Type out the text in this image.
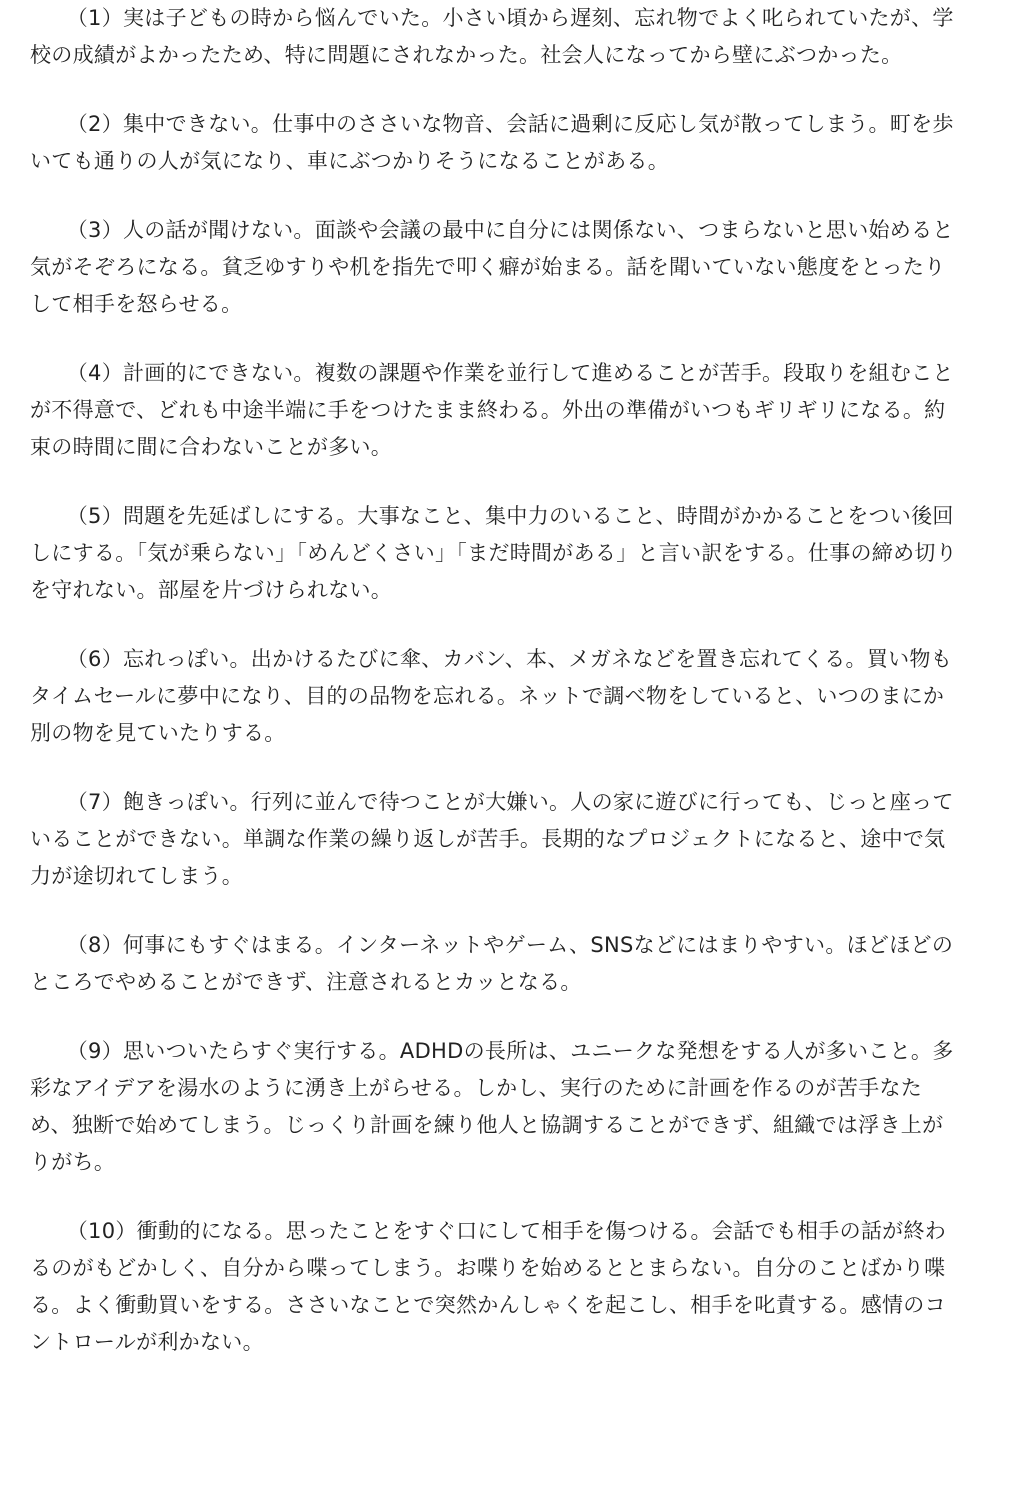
（1）実は子どもの時から悩んでいた。小さい頃から遅刻、忘れ物でよく叱られていたが、学校の成績がよかったため、特に問題にされなかった。社会人になってから壁にぶつかった。

（2）集中できない。仕事中のささいな物音、会話に過剰に反応し気が散ってしまう。町を歩いても通りの人が気になり、車にぶつかりそうになることがある。

（3）人の話が聞けない。面談や会議の最中に自分には関係ない、つまらないと思い始めると気がそぞろになる。貧乏ゆすりや机を指先で叩く癖が始まる。話を聞いていない態度をとったりして相手を怒らせる。

（4）計画的にできない。複数の課題や作業を並行して進めることが苦手。段取りを組むことが不得意で、どれも中途半端に手をつけたまま終わる。外出の準備がいつもギリギリになる。約束の時間に間に合わないことが多い。

（5）問題を先延ばしにする。大事なこと、集中力のいること、時間がかかることをつい後回しにする。「気が乗らない」「めんどくさい」「まだ時間がある」と言い訳をする。仕事の締め切りを守れない。部屋を片づけられない。

（6）忘れっぽい。出かけるたびに傘、カバン、本、メガネなどを置き忘れてくる。買い物もタイムセールに夢中になり、目的の品物を忘れる。ネットで調べ物をしていると、いつのまにか別の物を見ていたりする。

（7）飽きっぽい。行列に並んで待つことが大嫌い。人の家に遊びに行っても、じっと座っていることができない。単調な作業の繰り返しが苦手。長期的なプロジェクトになると、途中で気力が途切れてしまう。

（8）何事にもすぐはまる。インターネットやゲーム、SNSなどにはまりやすい。ほどほどのところでやめることができず、注意されるとカッとなる。

（9）思いついたらすぐ実行する。ADHDの長所は、ユニークな発想をする人が多いこと。多彩なアイデアを湯水のように湧き上がらせる。しかし、実行のために計画を作るのが苦手なため、独断で始めてしまう。じっくり計画を練り他人と協調することができず、組織では浮き上がりがち。

（10）衝動的になる。思ったことをすぐ口にして相手を傷つける。会話でも相手の話が終わるのがもどかしく、自分から喋ってしまう。お喋りを始めるととまらない。自分のことばかり喋る。よく衝動買いをする。ささいなことで突然かんしゃくを起こし、相手を叱責する。感情のコントロールが利かない。
